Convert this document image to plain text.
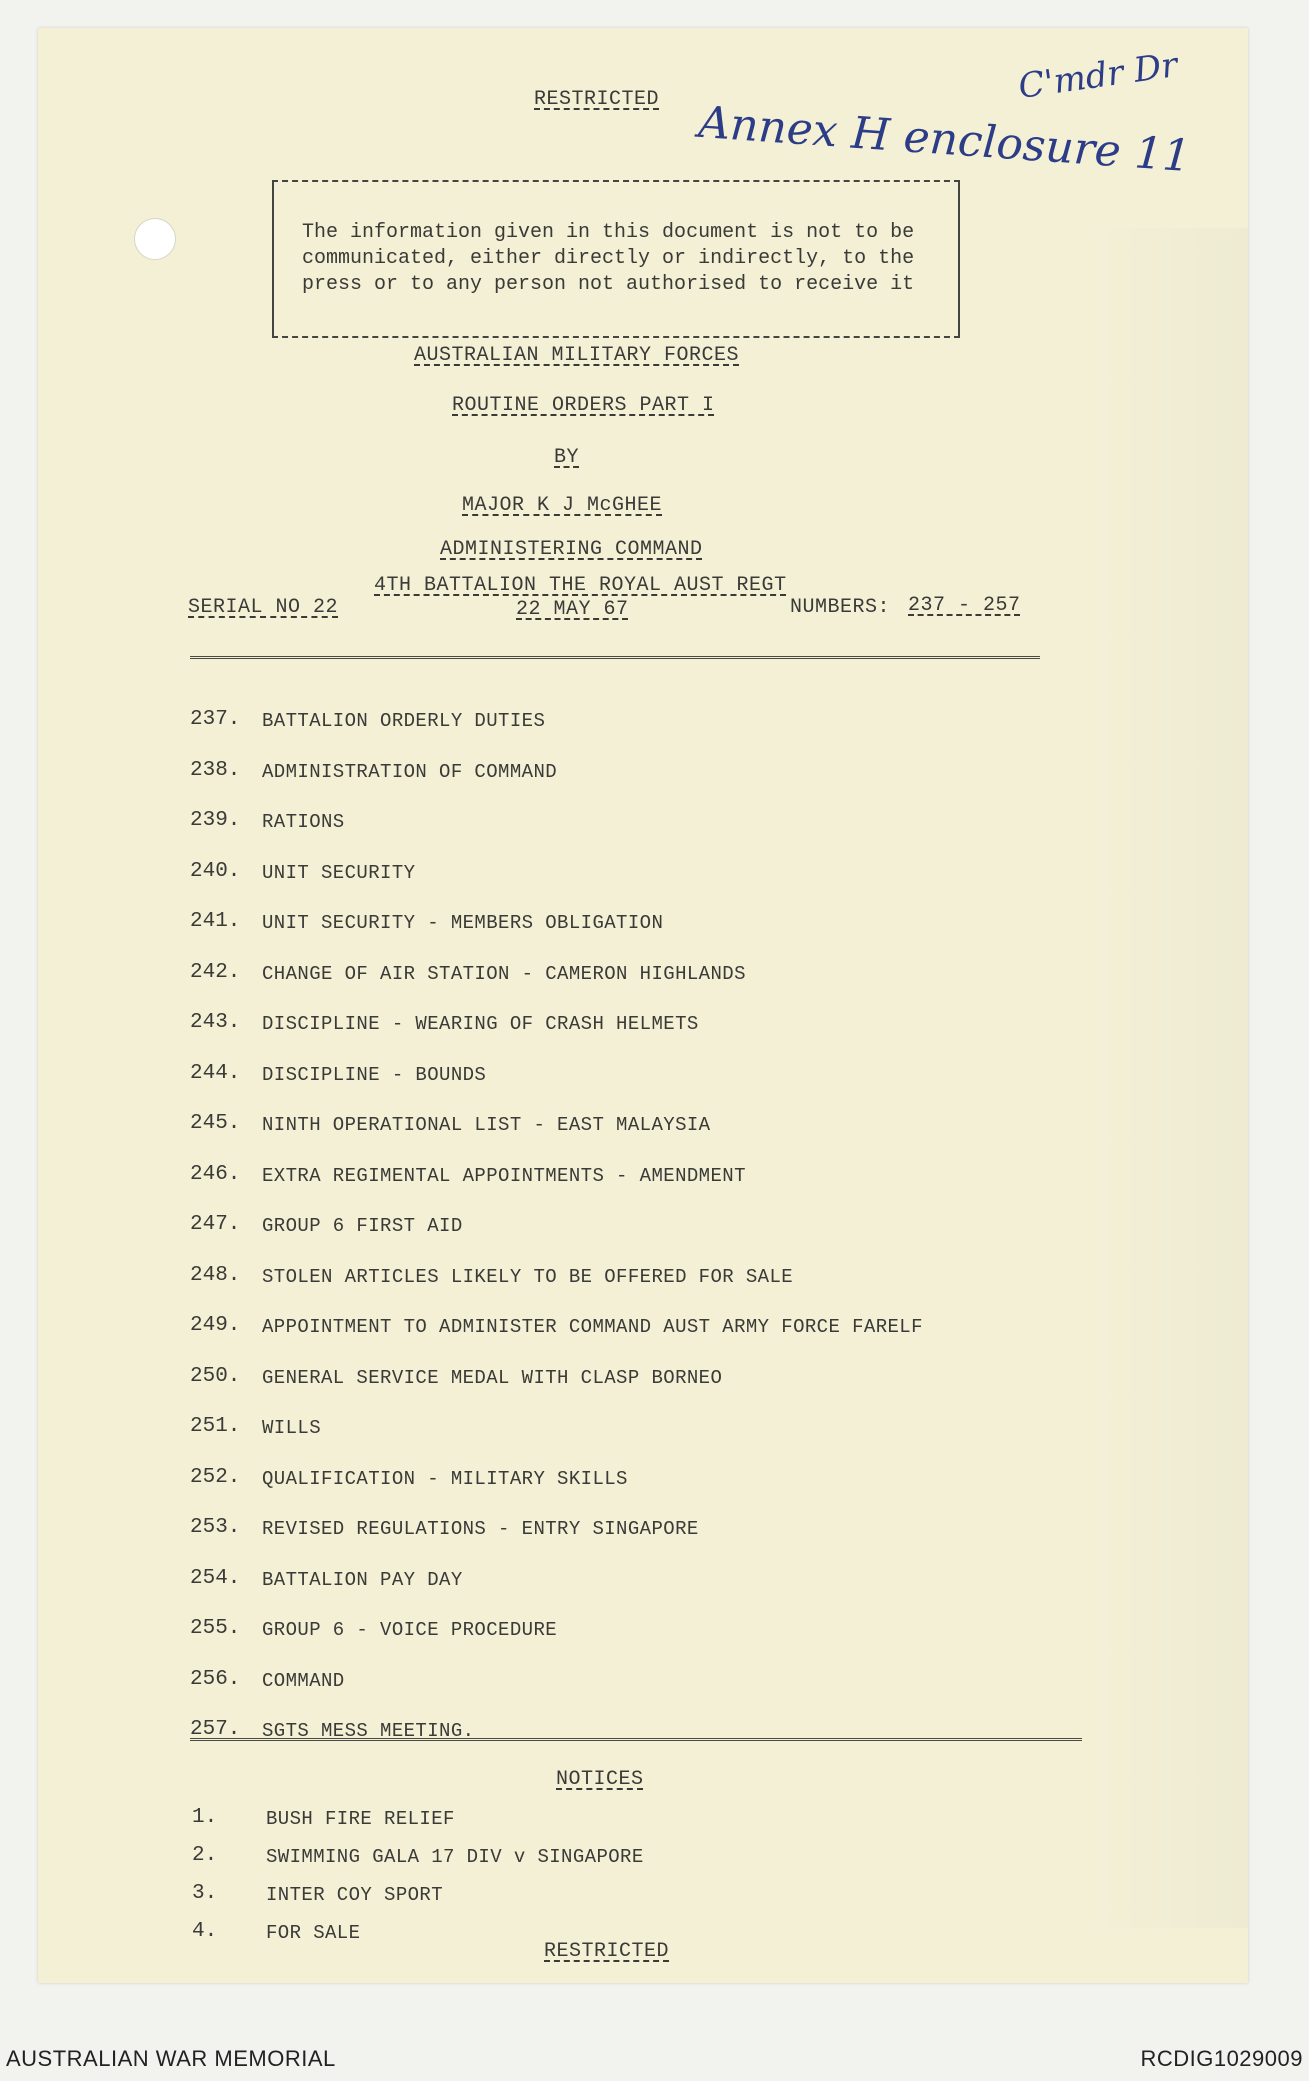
RESTRICTED Annex H enclosure 11
C'mdr Dr
The information given in this document is not to be
communicated, either directly or indirectly, to the
press or to any person not authorised to receive it
AUSTRALIAN MILITARY FORCES
ROUTINE ORDERS PART I
BY
MAJOR K J McGHEE
ADMINISTERING COMMAND
4TH BATTALION THE ROYAL AUST REGT
SERIAL NO 22	22 MAY 67	NUMBERS: 237 - 257
237. BATTALION ORDERLY DUTIES
238. ADMINISTRATION OF COMMAND
239. RATIONS
240. UNIT SECURITY
241. UNIT SECURITY - MEMBERS OBLIGATION
242. CHANGE OF AIR STATION - CAMERON HIGHLANDS
243. DISCIPLINE - WEARING OF CRASH HELMETS
244. DISCIPLINE - BOUNDS
245. NINTH OPERATIONAL LIST - EAST MALAYSIA
246. EXTRA REGIMENTAL APPOINTMENTS - AMENDMENT
247. GROUP 6 FIRST AID
248. STOLEN ARTICLES LIKELY TO BE OFFERED FOR SALE
249. APPOINTMENT TO ADMINISTER COMMAND AUST ARMY FORCE FARELF
250. GENERAL SERVICE MEDAL WITH CLASP BORNEO
251. WILLS
252. QUALIFICATION - MILITARY SKILLS
253. REVISED REGULATIONS - ENTRY SINGAPORE
254. BATTALION PAY DAY
255. GROUP 6 - VOICE PROCEDURE
256. COMMAND
257. SGTS MESS MEETING.
NOTICES
1.	BUSH FIRE RELIEF
2.	SWIMMING GALA 17 DIV v SINGAPORE
3.	INTER COY SPORT
4.	FOR SALE
RESTRICTED
AUSTRALIAN WAR MEMORIAL	RCDIG1029009
